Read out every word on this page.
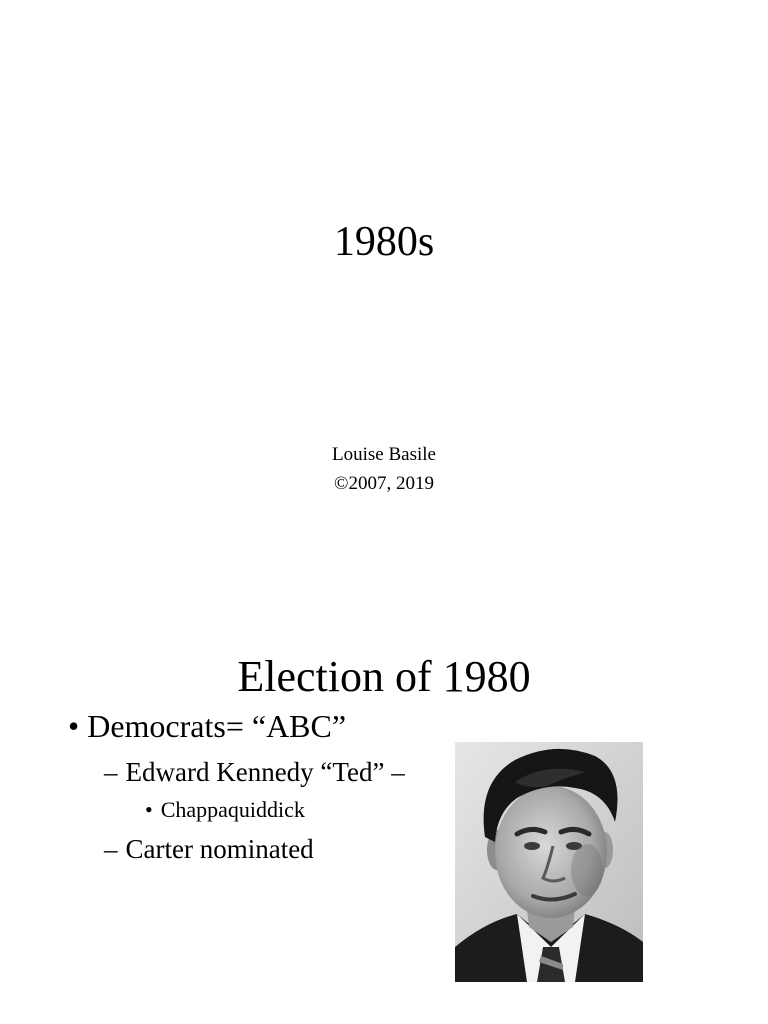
1980s
Louise Basile
©2007, 2019
Election of 1980
• Democrats= “ABC”
– Edward Kennedy “Ted” –
• Chappaquiddick
– Carter nominated
